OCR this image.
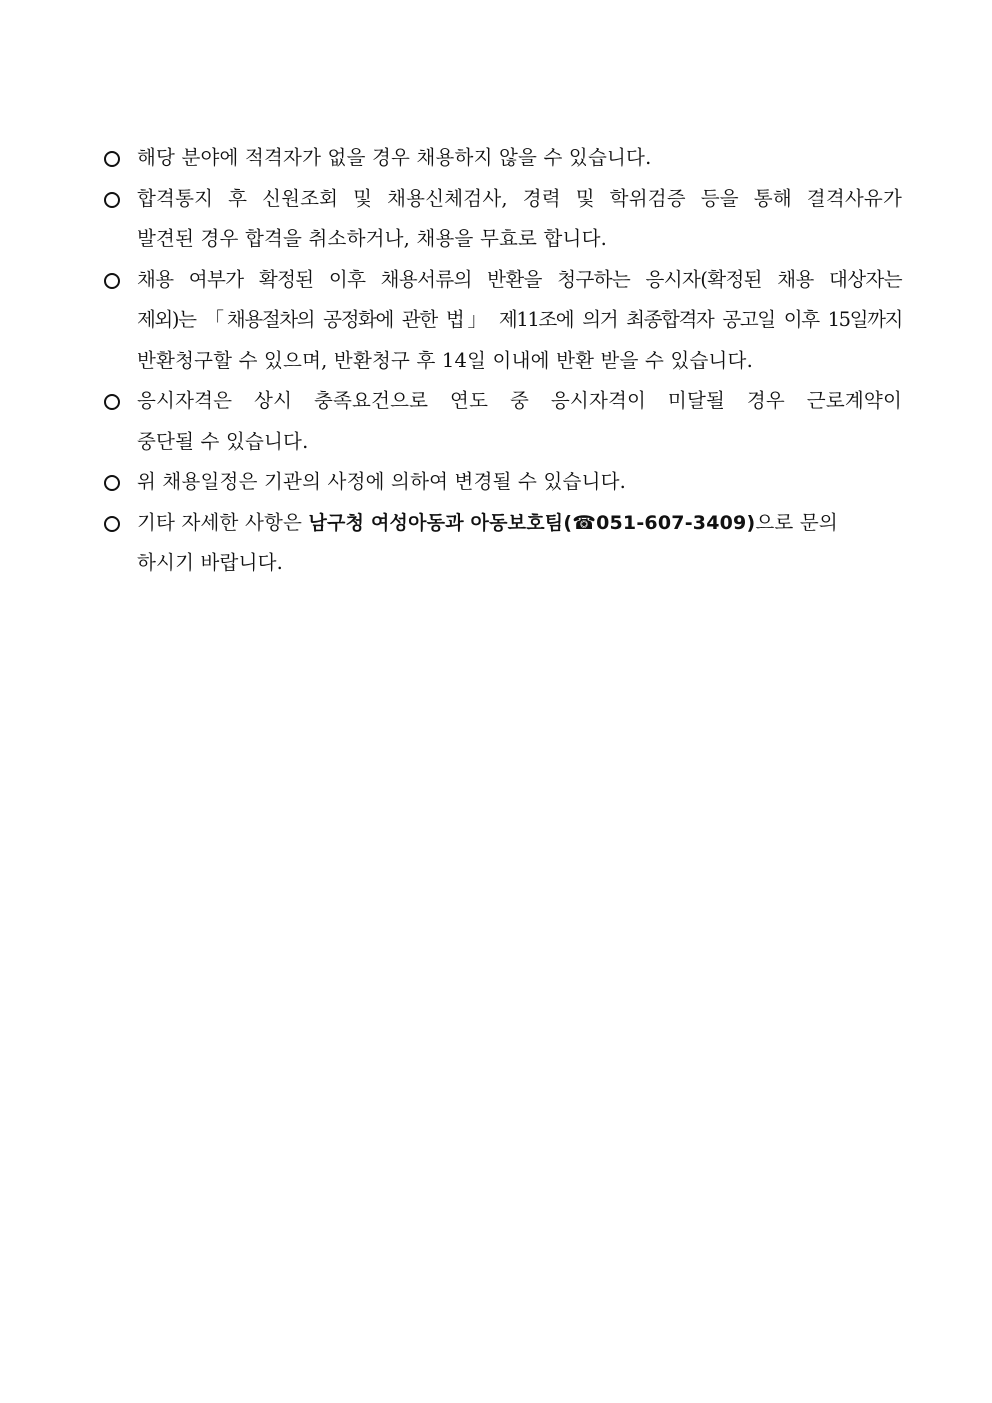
해당 분야에 적격자가 없을 경우 채용하지 않을 수 있습니다.
합격통지 후 신원조회 및 채용신체검사, 경력 및 학위검증 등을 통해 결격사유가
발견된 경우 합격을 취소하거나, 채용을 무효로 합니다.
채용 여부가 확정된 이후 채용서류의 반환을 청구하는 응시자(확정된 채용 대상자는
제외)는 「채용절차의 공정화에 관한 법」 제11조에 의거 최종합격자 공고일 이후 15일까지
반환청구할 수 있으며, 반환청구 후 14일 이내에 반환 받을 수 있습니다.
응시자격은 상시 충족요건으로 연도 중 응시자격이 미달될 경우 근로계약이
중단될 수 있습니다.
위 채용일정은 기관의 사정에 의하여 변경될 수 있습니다.
기타 자세한 사항은 남구청 여성아동과 아동보호팀(☎051-607-3409)으로 문의
하시기 바랍니다.
